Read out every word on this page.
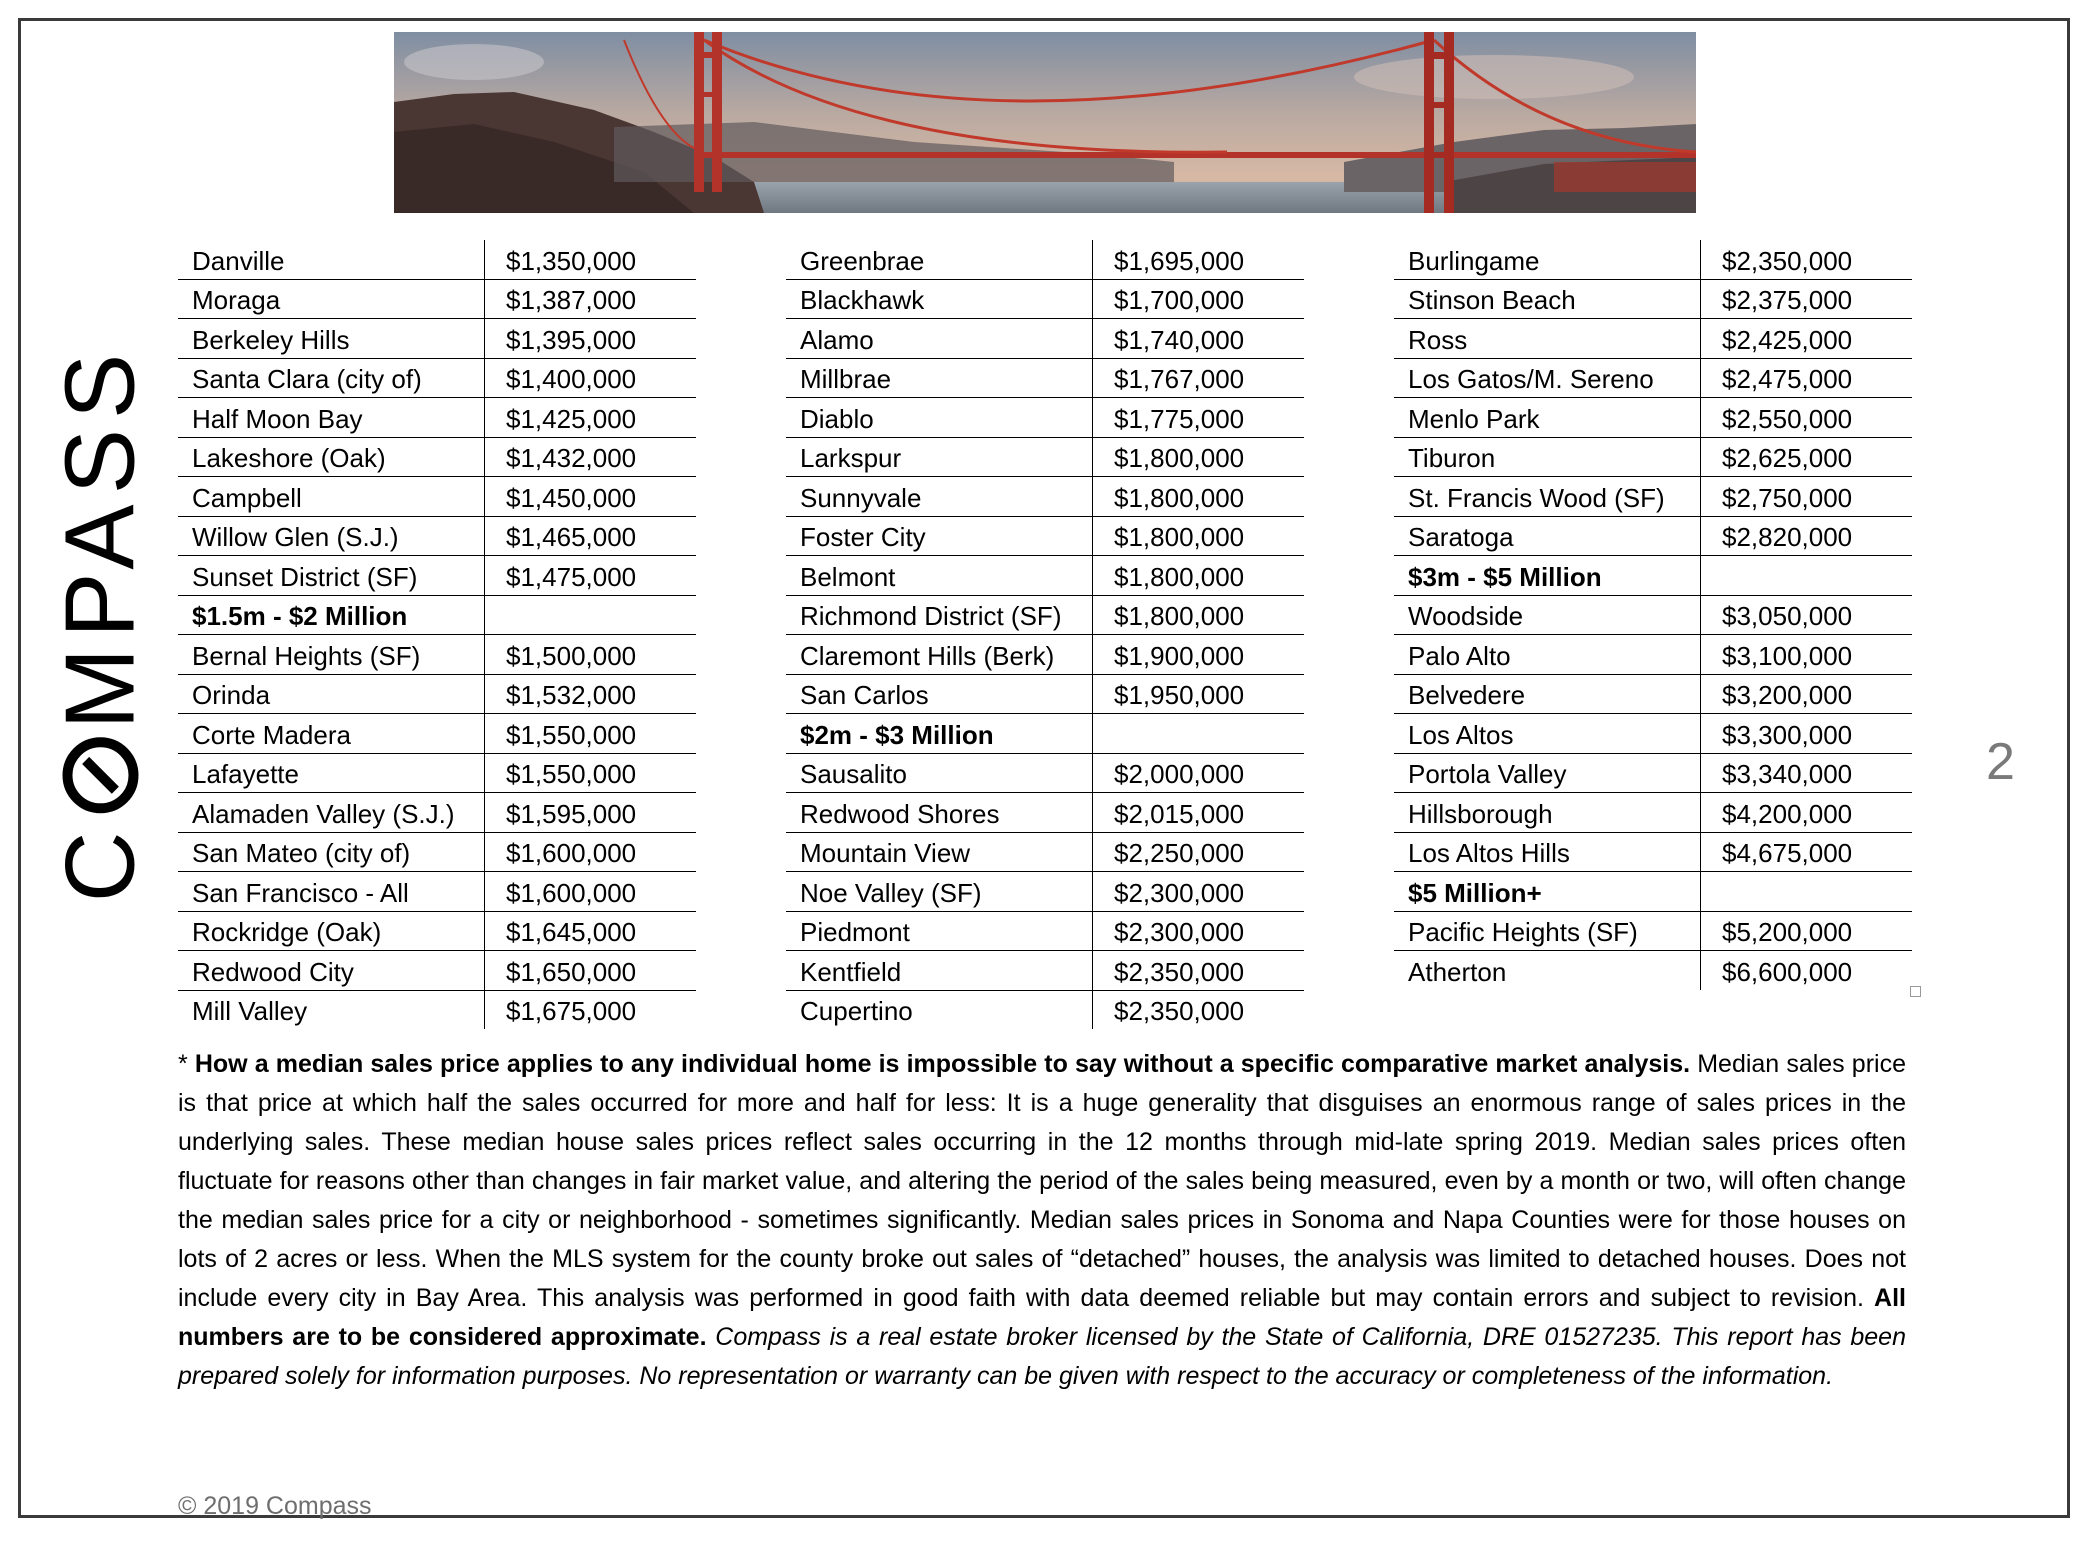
C
MPASS
Danville	$1,350,000
Moraga	$1,387,000
Berkeley Hills	$1,395,000
Santa Clara (city of)	$1,400,000
Half Moon Bay	$1,425,000
Lakeshore (Oak)	$1,432,000
Campbell	$1,450,000
Willow Glen (S.J.)	$1,465,000
Sunset District (SF)	$1,475,000
$1.5m - $2 Million	
Bernal Heights (SF)	$1,500,000
Orinda	$1,532,000
Corte Madera	$1,550,000
Lafayette	$1,550,000
Alamaden Valley (S.J.)	$1,595,000
San Mateo (city of)	$1,600,000
San Francisco - All	$1,600,000
Rockridge (Oak)	$1,645,000
Redwood City	$1,650,000
Mill Valley	$1,675,000
Greenbrae	$1,695,000
Blackhawk	$1,700,000
Alamo	$1,740,000
Millbrae	$1,767,000
Diablo	$1,775,000
Larkspur	$1,800,000
Sunnyvale	$1,800,000
Foster City	$1,800,000
Belmont	$1,800,000
Richmond District (SF)	$1,800,000
Claremont Hills (Berk)	$1,900,000
San Carlos	$1,950,000
$2m - $3 Million	
Sausalito	$2,000,000
Redwood Shores	$2,015,000
Mountain View	$2,250,000
Noe Valley (SF)	$2,300,000
Piedmont	$2,300,000
Kentfield	$2,350,000
Cupertino	$2,350,000
Burlingame	$2,350,000
Stinson Beach	$2,375,000
Ross	$2,425,000
Los Gatos/M. Sereno	$2,475,000
Menlo Park	$2,550,000
Tiburon	$2,625,000
St. Francis Wood (SF)	$2,750,000
Saratoga	$2,820,000
$3m - $5 Million	
Woodside	$3,050,000
Palo Alto	$3,100,000
Belvedere	$3,200,000
Los Altos	$3,300,000
Portola Valley	$3,340,000
Hillsborough	$4,200,000
Los Altos Hills	$4,675,000
$5 Million+	
Pacific Heights (SF)	$5,200,000
Atherton	$6,600,000
2
* How a median sales price applies to any individual home is impossible to say without a specific comparative market analysis. Median sales price is that price at which half the sales occurred for more and half for less: It is a huge generality that disguises an enormous range of sales prices in the underlying sales. These median house sales prices reflect sales occurring in the 12 months through mid-late spring 2019. Median sales prices often fluctuate for reasons other than changes in fair market value, and altering the period of the sales being measured, even by a month or two, will often change the median sales price for a city or neighborhood - sometimes significantly. Median sales prices in Sonoma and Napa Counties were for those houses on lots of 2 acres or less. When the MLS system for the county broke out sales of “detached” houses, the analysis was limited to detached houses. Does not include every city in Bay Area. This analysis was performed in good faith with data deemed reliable but may contain errors and subject to revision. All numbers are to be considered approximate. Compass is a real estate broker licensed by the State of California, DRE 01527235. This report has been prepared solely for information purposes. No representation or warranty can be given with respect to the accuracy or completeness of the information.
© 2019 Compass
